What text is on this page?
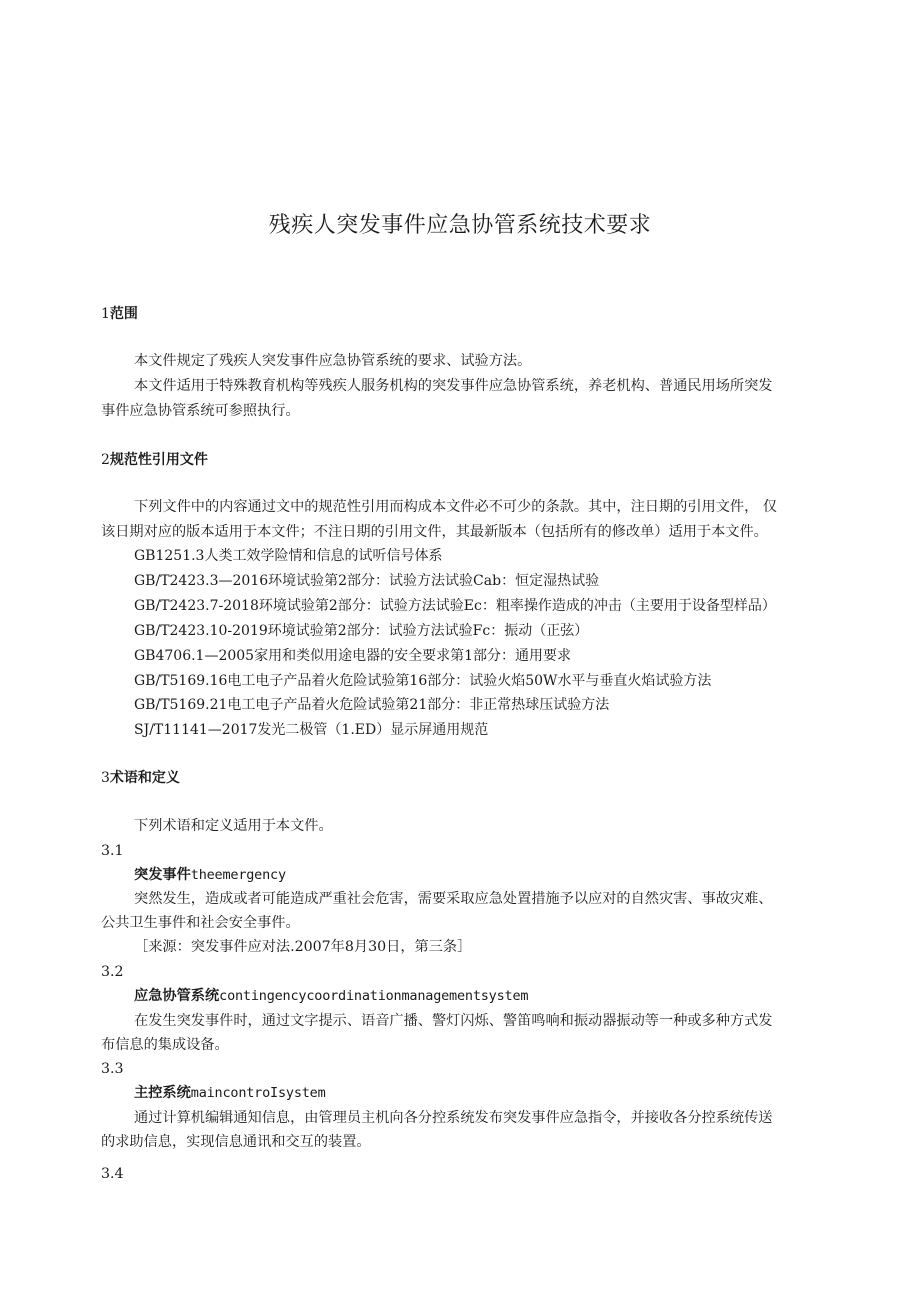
残疾人突发事件应急协管系统技术要求
1范围
本文件规定了残疾人突发事件应急协管系统的要求、试验方法。
本文件适用于特殊教育机构等残疾人服务机构的突发事件应急协管系统，养老机构、普通民用场所突发
事件应急协管系统可参照执行。
2规范性引用文件
下列文件中的内容通过文中的规范性引用而构成本文件必不可少的条款。其中，注日期的引用文件， 仅
该日期对应的版本适用于本文件；不注日期的引用文件，其最新版本（包括所有的修改单）适用于本文件。
GB1251.3人类工效学险情和信息的试听信号体系
GB/T2423.3—2016环境试验第2部分：试验方法试验Cab：恒定湿热试验
GB/T2423.7-2018环境试验第2部分：试验方法试验Ec：粗率操作造成的冲击（主要用于设备型样品）
GB/T2423.10-2019环境试验第2部分：试验方法试验Fc：振动（正弦）
GB4706.1—2005家用和类似用途电器的安全要求第1部分：通用要求
GB/T5169.16电工电子产品着火危险试验第16部分：试验火焰50W水平与垂直火焰试验方法
GB/T5169.21电工电子产品着火危险试验第21部分：非正常热球压试验方法
SJ/T11141—2017发光二极管（1.ED）显示屏通用规范
3术语和定义
下列术语和定义适用于本文件。
3.1
突发事件theemergency
突然发生，造成或者可能造成严重社会危害，需要采取应急处置措施予以应对的自然灾害、事故灾难、
公共卫生事件和社会安全事件。
［来源：突发事件应对法.2007年8月30日，第三条］
3.2
应急协管系统contingencycoordinationmanagementsystem
在发生突发事件时，通过文字提示、语音广播、警灯闪烁、警笛鸣响和振动器振动等一种或多种方式发
布信息的集成设备。
3.3
主控系统maincontroIsystem
通过计算机编辑通知信息，由管理员主机向各分控系统发布突发事件应急指令，并接收各分控系统传送
的求助信息，实现信息通讯和交互的装置。
3.4
